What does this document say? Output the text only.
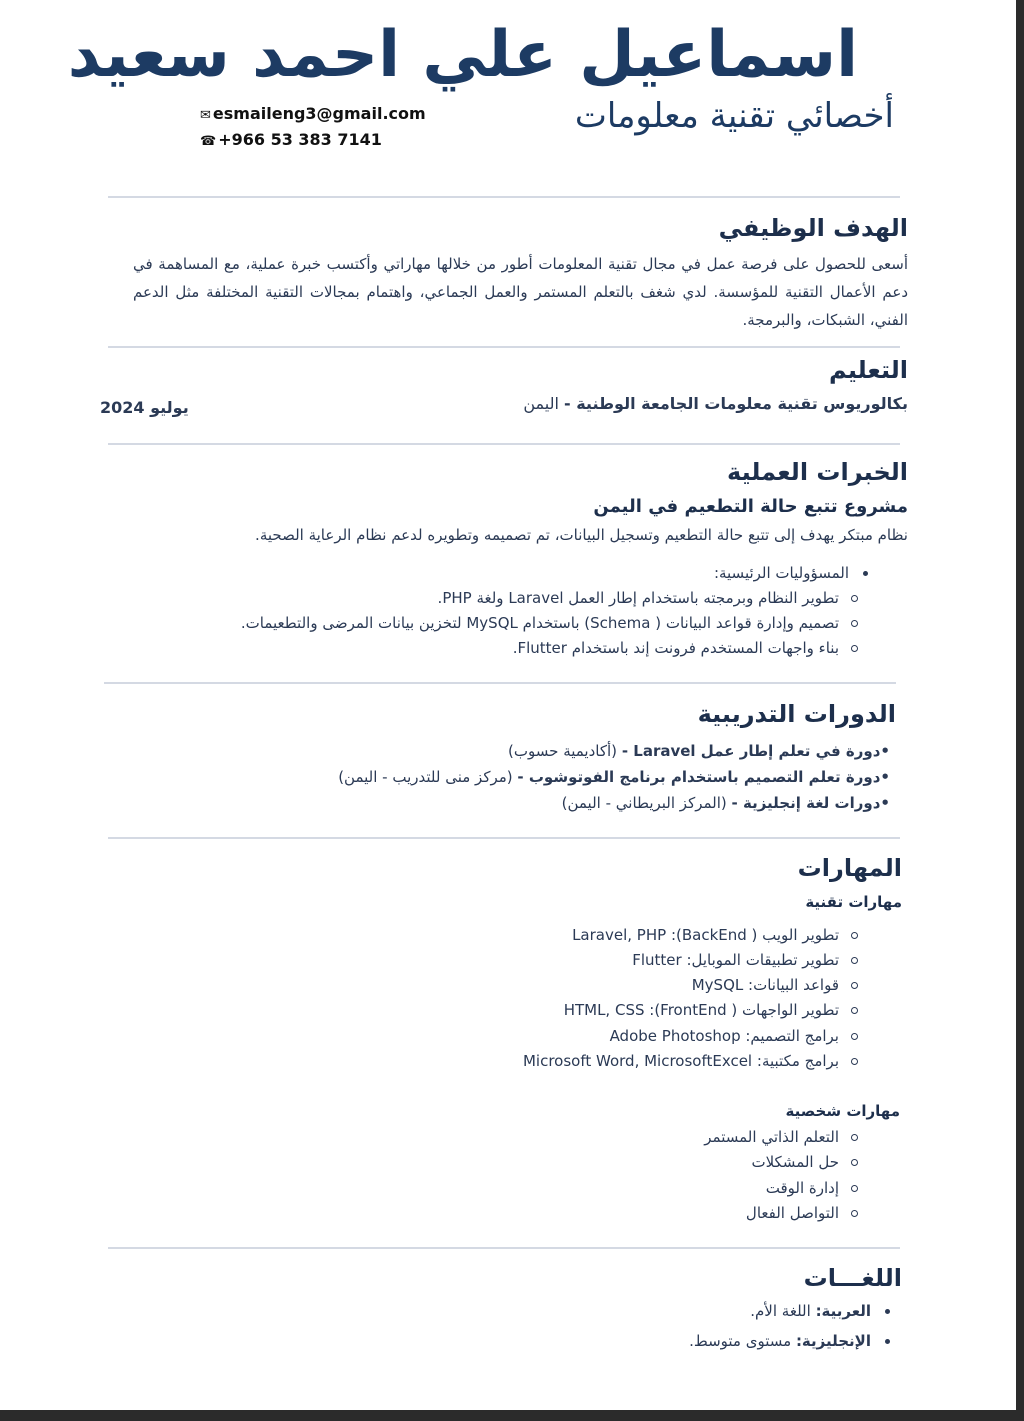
اسماعيل علي احمد سعيد
أخصائي تقنية معلومات
✉ esmaileng3@gmail.com
☎ +966 53 383 7141
الهدف الوظيفي
أسعى للحصول على فرصة عمل في مجال تقنية المعلومات أطور من خلالها مهاراتي وأكتسب خبرة عملية، مع المساهمة في دعم الأعمال التقنية للمؤسسة. لدي شغف بالتعلم المستمر والعمل الجماعي، واهتمام بمجالات التقنية المختلفة مثل الدعم الفني، الشبكات، والبرمجة.
التعليم
بكالوريوس تقنية معلومات الجامعة الوطنية - اليمن
يوليو 2024
الخبرات العملية
مشروع تتبع حالة التطعيم في اليمن
نظام مبتكر يهدف إلى تتبع حالة التطعيم وتسجيل البيانات، تم تصميمه وتطويره لدعم نظام الرعاية الصحية.
المسؤوليات الرئيسية:
تطوير النظام وبرمجته باستخدام إطار العمل Laravel ولغة PHP.
تصميم وإدارة قواعد البيانات ( Schema) باستخدام MySQL لتخزين بيانات المرضى والتطعيمات.
بناء واجهات المستخدم فرونت إند باستخدام Flutter.
الدورات التدريبية
•دورة في تعلم إطار عمل Laravel - (أكاديمية حسوب)
•دورة تعلم التصميم باستخدام برنامج الفوتوشوب - (مركز منى للتدريب - اليمن)
•دورات لغة إنجليزية - (المركز البريطاني - اليمن)
المهارات
مهارات تقنية
تطوير الويب ( BackEnd): Laravel, PHP
تطوير تطبيقات الموبايل: Flutter
قواعد البيانات: MySQL
تطوير الواجهات ( FrontEnd): HTML, CSS
برامج التصميم: Adobe Photoshop
برامج مكتبية: Microsoft Word, MicrosoftExcel
مهارات شخصية
التعلم الذاتي المستمر
حل المشكلات
إدارة الوقت
التواصل الفعال
اللغـــات
العربية: اللغة الأم.
الإنجليزية: مستوى متوسط.
